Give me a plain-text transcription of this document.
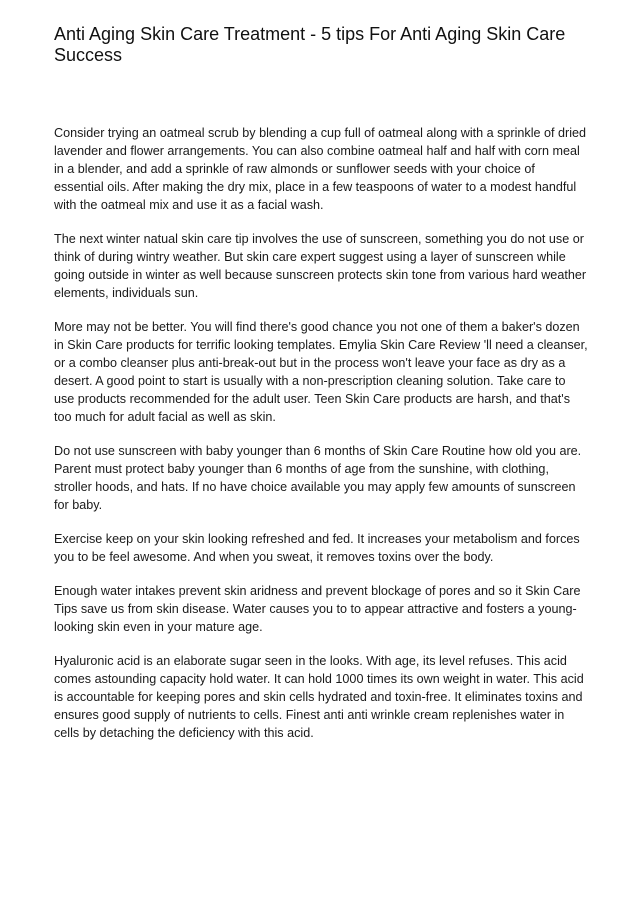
Anti Aging Skin Care Treatment - 5 tips For Anti Aging Skin Care Success

Consider trying an oatmeal scrub by blending a cup full of oatmeal along with a sprinkle of dried lavender and flower arrangements. You can also combine oatmeal half and half with corn meal in a blender, and add a sprinkle of raw almonds or sunflower seeds with your choice of essential oils. After making the dry mix, place in a few teaspoons of water to a modest handful with the oatmeal mix and use it as a facial wash.

The next winter natual skin care tip involves the use of sunscreen, something you do not use or think of during wintry weather. But skin care expert suggest using a layer of sunscreen while going outside in winter as well because sunscreen protects skin tone from various hard weather elements, individuals sun.

More may not be better. You will find there's good chance you not one of them a baker's dozen in Skin Care products for terrific looking templates. Emylia Skin Care Review 'll need a cleanser, or a combo cleanser plus anti-break-out but in the process won't leave your face as dry as a desert. A good point to start is usually with a non-prescription cleaning solution. Take care to use products recommended for the adult user. Teen Skin Care products are harsh, and that's too much for adult facial as well as skin.

Do not use sunscreen with baby younger than 6 months of Skin Care Routine how old you are. Parent must protect baby younger than 6 months of age from the sunshine, with clothing, stroller hoods, and hats. If no have choice available you may apply few amounts of sunscreen for baby.

Exercise keep on your skin looking refreshed and fed. It increases your metabolism and forces you to be feel awesome. And when you sweat, it removes toxins over the body.

Enough water intakes prevent skin aridness and prevent blockage of pores and so it Skin Care Tips save us from skin disease. Water causes you to to appear attractive and fosters a young-looking skin even in your mature age.

Hyaluronic acid is an elaborate sugar seen in the looks. With age, its level refuses. This acid comes astounding capacity hold water. It can hold 1000 times its own weight in water. This acid is accountable for keeping pores and skin cells hydrated and toxin-free. It eliminates toxins and ensures good supply of nutrients to cells. Finest anti anti wrinkle cream replenishes water in cells by detaching the deficiency with this acid.
